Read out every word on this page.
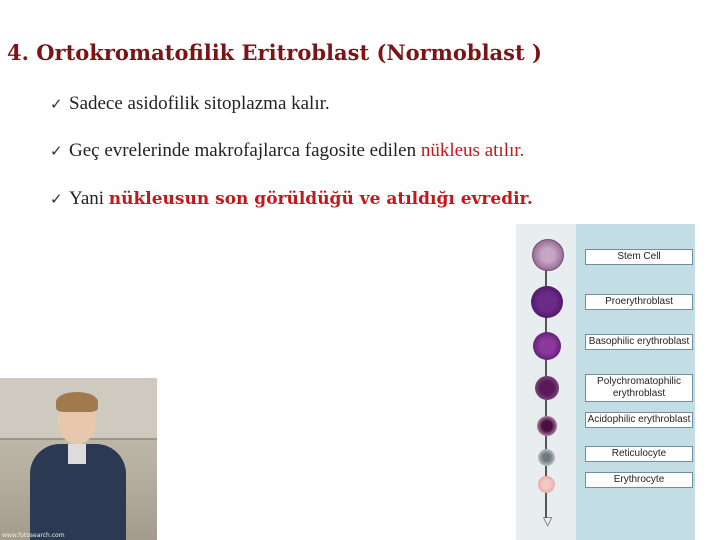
4. Ortokromatofilik Eritroblast (Normoblast )
✓ Sadece asidofilik sitoplazma kalır.
✓ Geç evrelerinde makrofajlarca fagosite edilen nükleus atılır.
✓ Yani nükleusun son görüldüğü ve atıldığı evredir.
www.fotosearch.com
Stem Cell
Proerythroblast
Basophilic erythroblast
Polychromatophilic erythroblast
Acidophilic erythroblast
Reticulocyte
Erythrocyte
▽
